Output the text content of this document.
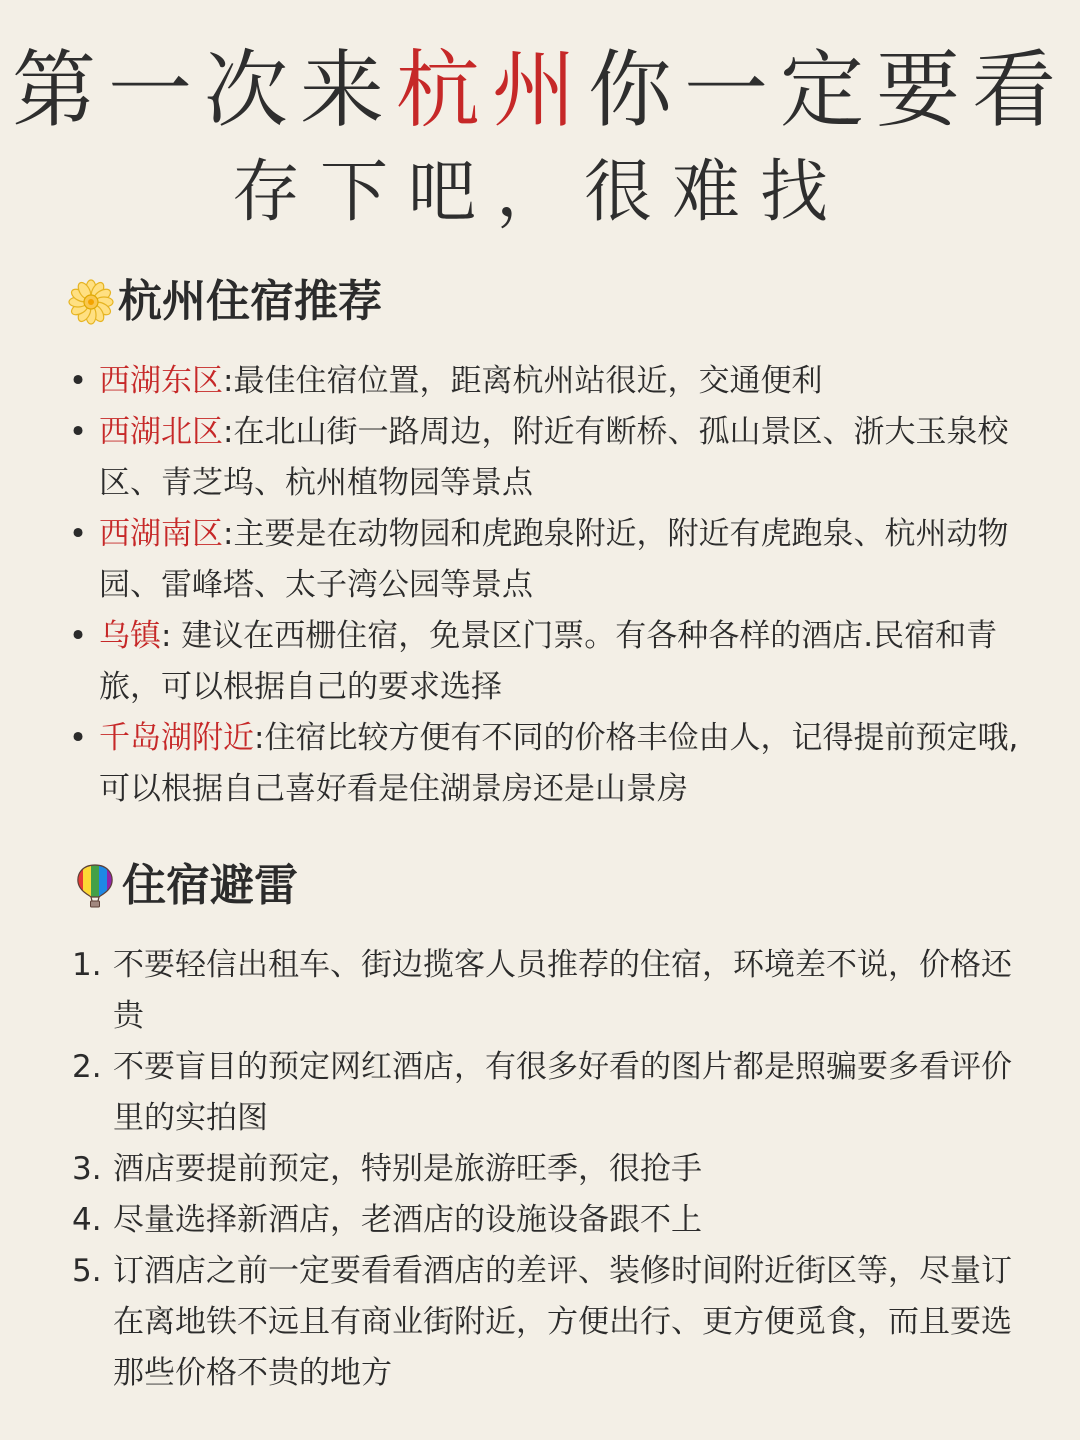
第一次来杭州你一定要看
存下吧，很难找
杭州住宿推荐
• 西湖东区:最佳住宿位置，距离杭州站很近，交通便利
• 西湖北区:在北山街一路周边，附近有断桥、孤山景区、浙大玉泉校区、青芝坞、杭州植物园等景点
• 西湖南区:主要是在动物园和虎跑泉附近，附近有虎跑泉、杭州动物园、雷峰塔、太子湾公园等景点
• 乌镇: 建议在西栅住宿，免景区门票。有各种各样的酒店.民宿和青旅，可以根据自己的要求选择
• 千岛湖附近:住宿比较方便有不同的价格丰俭由人，记得提前预定哦,可以根据自己喜好看是住湖景房还是山景房
住宿避雷
1. 不要轻信出租车、街边揽客人员推荐的住宿，环境差不说，价格还贵
2. 不要盲目的预定网红酒店，有很多好看的图片都是照骗要多看评价里的实拍图
3. 酒店要提前预定，特别是旅游旺季，很抢手
4. 尽量选择新酒店，老酒店的设施设备跟不上
5. 订酒店之前一定要看看酒店的差评、装修时间附近街区等，尽量订在离地铁不远且有商业街附近，方便出行、更方便觅食，而且要选那些价格不贵的地方
